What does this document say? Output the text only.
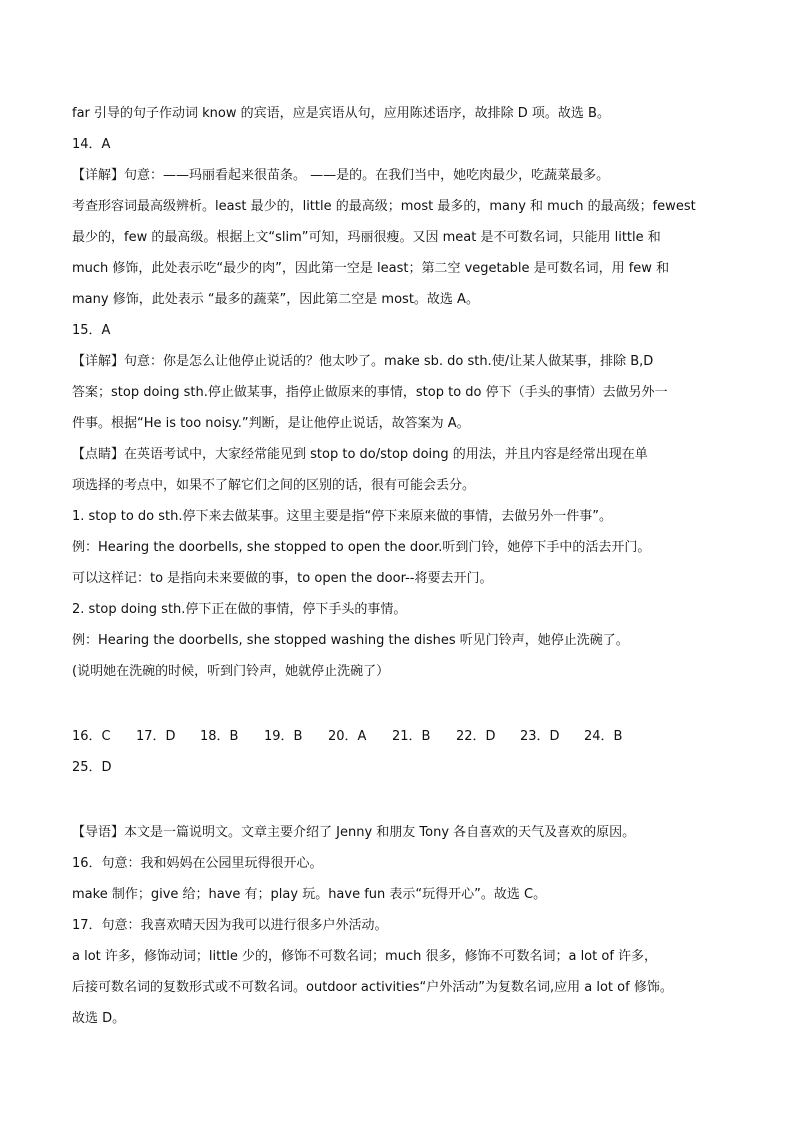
far 引导的句子作动词 know 的宾语，应是宾语从句，应用陈述语序，故排除 D 项。故选 B。
14．A
【详解】句意：——玛丽看起来很苗条。 ——是的。在我们当中，她吃肉最少，吃蔬菜最多。
考查形容词最高级辨析。least 最少的，little 的最高级；most 最多的，many 和 much 的最高级；fewest
最少的，few 的最高级。根据上文“slim”可知，玛丽很瘦。又因 meat 是不可数名词，只能用 little 和
much 修饰，此处表示吃“最少的肉”，因此第一空是 least；第二空 vegetable 是可数名词，用 few 和
many 修饰，此处表示 “最多的蔬菜”，因此第二空是 most。故选 A。
15．A
【详解】句意：你是怎么让他停止说话的？他太吵了。make sb. do sth.使/让某人做某事，排除 B,D
答案；stop doing sth.停止做某事，指停止做原来的事情，stop to do 停下（手头的事情）去做另外一
件事。根据“He is too noisy.”判断，是让他停止说话，故答案为 A。
【点睛】在英语考试中，大家经常能见到 stop to do/stop doing 的用法，并且内容是经常出现在单
项选择的考点中，如果不了解它们之间的区别的话，很有可能会丢分。
1. stop to do sth.停下来去做某事。这里主要是指“停下来原来做的事情，去做另外一件事”。
例：Hearing the doorbells, she stopped to open the door.听到门铃，她停下手中的活去开门。
可以这样记：to 是指向未来要做的事，to open the door--将要去开门。
2. stop doing sth.停下正在做的事情，停下手头的事情。
例：Hearing the doorbells, she stopped washing the dishes 听见门铃声，她停止洗碗了。
(说明她在洗碗的时候，听到门铃声，她就停止洗碗了）
16．C	17．D	18．B	19．B	20．A	21．B	22．D	23．D	24．B
25．D
【导语】本文是一篇说明文。文章主要介绍了 Jenny 和朋友 Tony 各自喜欢的天气及喜欢的原因。
16．句意：我和妈妈在公园里玩得很开心。
make 制作；give 给；have 有；play 玩。have fun 表示“玩得开心”。故选 C。
17．句意：我喜欢晴天因为我可以进行很多户外活动。
a lot 许多，修饰动词；little 少的，修饰不可数名词；much 很多，修饰不可数名词；a lot of 许多，
后接可数名词的复数形式或不可数名词。outdoor activities“户外活动”为复数名词,应用 a lot of 修饰。
故选 D。
